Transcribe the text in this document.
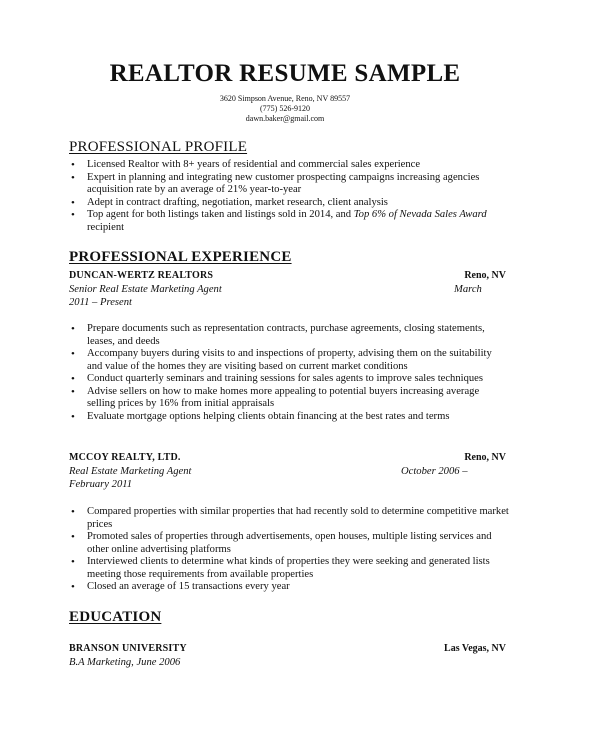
REALTOR RESUME SAMPLE
3620 Simpson Avenue, Reno, NV 89557
(775) 526-9120
dawn.baker@gmail.com
PROFESSIONAL PROFILE
• Licensed Realtor with 8+ years of residential and commercial sales experience
• Expert in planning and integrating new customer prospecting campaigns increasing agencies acquisition rate by an average of 21% year-to-year
• Adept in contract drafting, negotiation, market research, client analysis
• Top agent for both listings taken and listings sold in 2014, and Top 6% of Nevada Sales Award recipient
PROFESSIONAL EXPERIENCE
DUNCAN-WERTZ REALTORS	Reno, NV
Senior Real Estate Marketing Agent	March
2011 – Present
• Prepare documents such as representation contracts, purchase agreements, closing statements, leases, and deeds
• Accompany buyers during visits to and inspections of property, advising them on the suitability and value of the homes they are visiting based on current market conditions
• Conduct quarterly seminars and training sessions for sales agents to improve sales techniques
• Advise sellers on how to make homes more appealing to potential buyers increasing average selling prices by 16% from initial appraisals
• Evaluate mortgage options helping clients obtain financing at the best rates and terms
MCCOY REALTY, LTD.	Reno, NV
Real Estate Marketing Agent	October 2006 –
February 2011
• Compared properties with similar properties that had recently sold to determine competitive market prices
• Promoted sales of properties through advertisements, open houses, multiple listing services and other online advertising platforms
• Interviewed clients to determine what kinds of properties they were seeking and generated lists meeting those requirements from available properties
• Closed an average of 15 transactions every year
EDUCATION
BRANSON UNIVERSITY	Las Vegas, NV
B.A Marketing, June 2006
